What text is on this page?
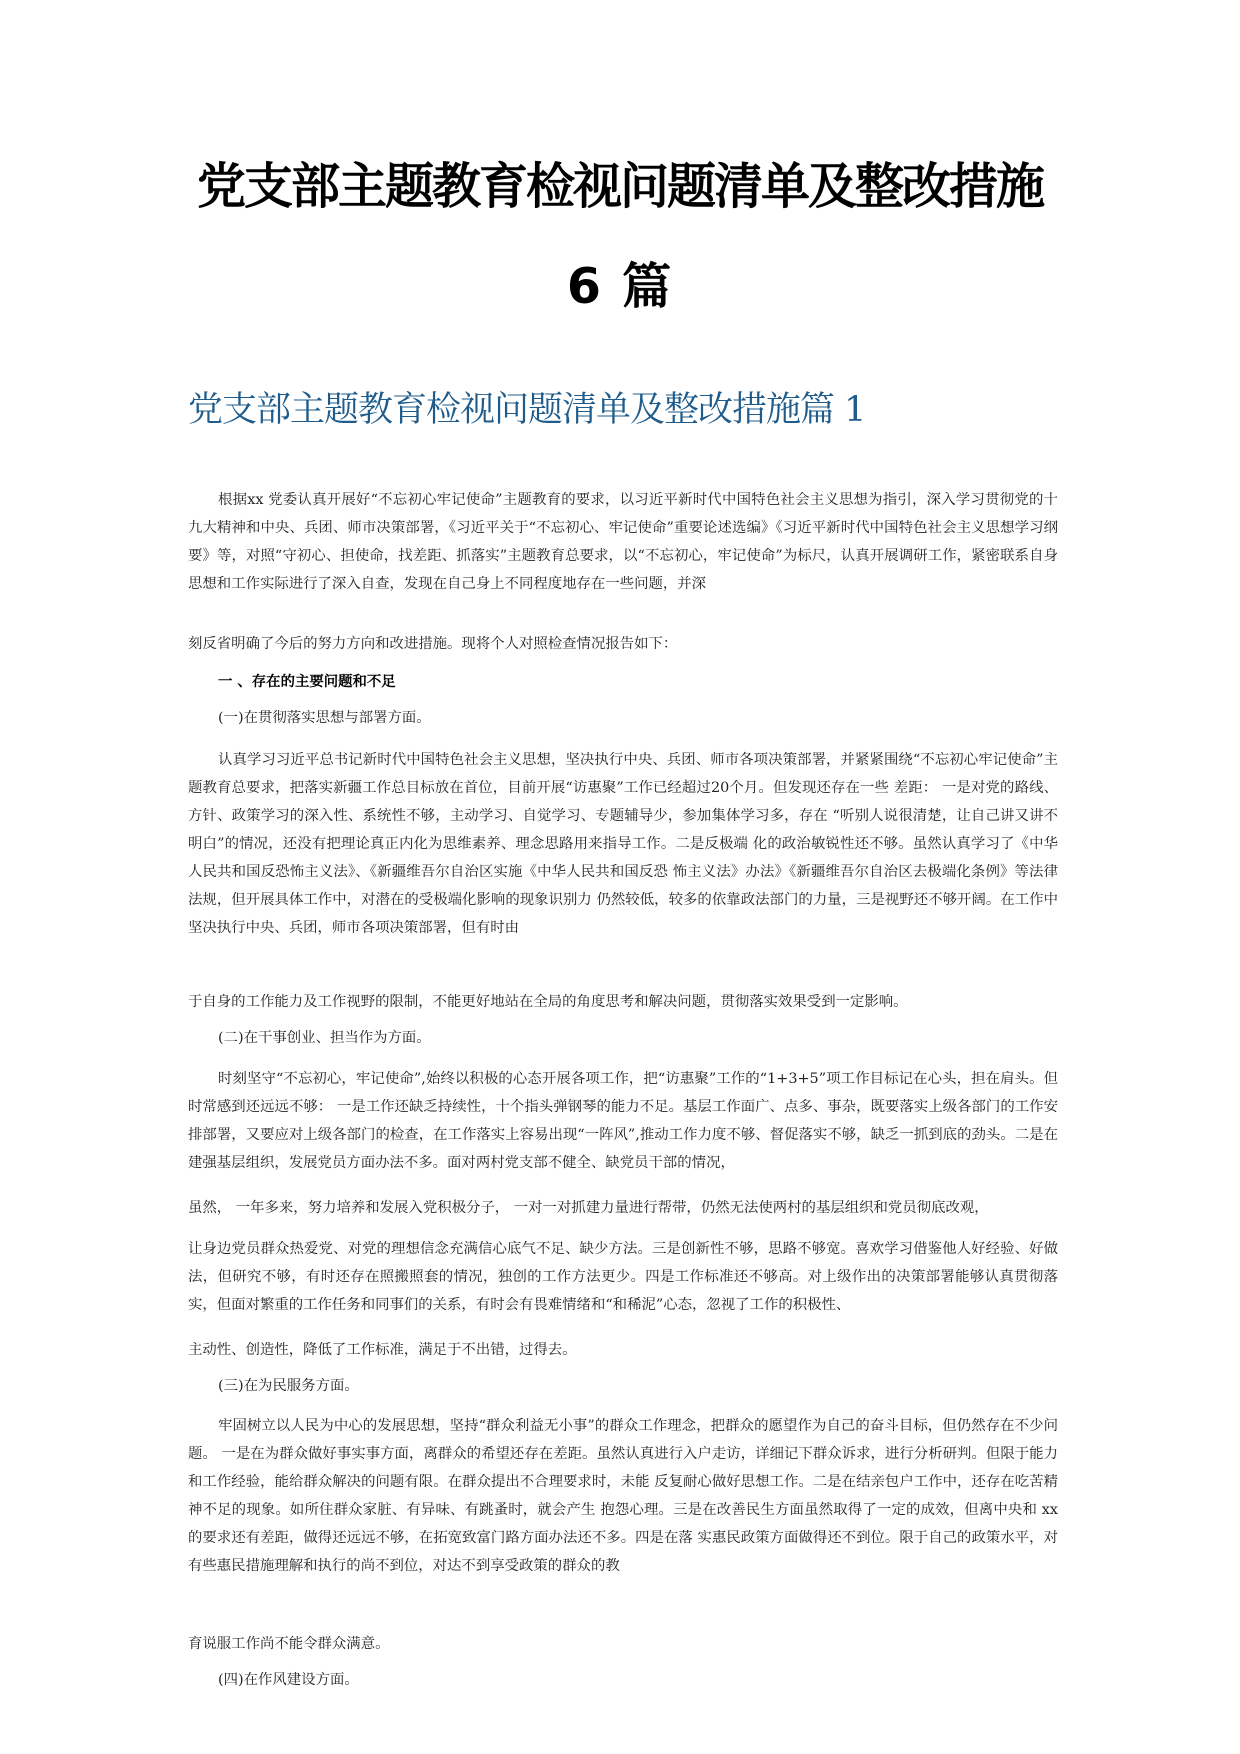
党支部主题教育检视问题清单及整改措施
6 篇
党支部主题教育检视问题清单及整改措施篇 1

根据xx 党委认真开展好“不忘初心牢记使命”主题教育的要求，以习近平新时代中国特色社会主义思想为指引，深入学习贯彻党的十九大精神和中央、兵团、师市决策部署，《习近平关于“不忘初心、牢记使命”重要论述选编》《习近平新时代中国特色社会主义思想学习纲要》等，对照“守初心、担使命，找差距、抓落实”主题教育总要求，以“不忘初心，牢记使命”为标尺，认真开展调研工作，紧密联系自身思想和工作实际进行了深入自查，发现在自己身上不同程度地存在一些问题，并深

刻反省明确了今后的努力方向和改进措施。现将个人对照检查情况报告如下：

一 、存在的主要问题和不足

(一)在贯彻落实思想与部署方面。

认真学习习近平总书记新时代中国特色社会主义思想，坚决执行中央、兵团、师市各项决策部署，并紧紧围绕“不忘初心牢记使命”主题教育总要求，把落实新疆工作总目标放在首位，目前开展“访惠聚”工作已经超过20个月。但发现还存在一些 差距： 一是对党的路线、方针、政策学习的深入性、系统性不够，主动学习、自觉学习、专题辅导少，参加集体学习多，存在 “听别人说很清楚，让自己讲又讲不明白”的情况，还没有把理论真正内化为思维素养、理念思路用来指导工作。二是反极端 化的政治敏锐性还不够。虽然认真学习了《中华人民共和国反恐怖主义法》、《新疆维吾尔自治区实施《中华人民共和国反恐 怖主义法》办法》《新疆维吾尔自治区去极端化条例》等法律法规，但开展具体工作中，对潜在的受极端化影响的现象识别力 仍然较低，较多的依靠政法部门的力量，三是视野还不够开阔。在工作中坚决执行中央、兵团，师市各项决策部署，但有时由

于自身的工作能力及工作视野的限制，不能更好地站在全局的角度思考和解决问题，贯彻落实效果受到一定影响。

(二)在干事创业、担当作为方面。

时刻坚守“不忘初心，牢记使命”,始终以积极的心态开展各项工作，把“访惠聚”工作的“1+3+5”项工作目标记在心头，担在肩头。但时常感到还远远不够： 一是工作还缺乏持续性，十个指头弹钢琴的能力不足。基层工作面广、点多、事杂，既要落实上级各部门的工作安排部署，又要应对上级各部门的检查，在工作落实上容易出现“一阵风”,推动工作力度不够、督促落实不够，缺乏一抓到底的劲头。二是在建强基层组织，发展党员方面办法不多。面对两村党支部不健全、缺党员干部的情况，

虽然， 一年多来，努力培养和发展入党积极分子， 一对一对抓建力量进行帮带，仍然无法使两村的基层组织和党员彻底改观，

让身边党员群众热爱党、对党的理想信念充满信心底气不足、缺少方法。三是创新性不够，思路不够宽。喜欢学习借鉴他人好经验、好做法，但研究不够，有时还存在照搬照套的情况，独创的工作方法更少。四是工作标准还不够高。对上级作出的决策部署能够认真贯彻落实，但面对繁重的工作任务和同事们的关系，有时会有畏难情绪和“和稀泥”心态，忽视了工作的积极性、

主动性、创造性，降低了工作标准，满足于不出错，过得去。

(三)在为民服务方面。

牢固树立以人民为中心的发展思想，坚持“群众利益无小事”的群众工作理念，把群众的愿望作为自己的奋斗目标，但仍然存在不少问题。 一是在为群众做好事实事方面，离群众的希望还存在差距。虽然认真进行入户走访，详细记下群众诉求，进行分析研判。但限于能力和工作经验，能给群众解决的问题有限。在群众提出不合理要求时，未能 反复耐心做好思想工作。二是在结亲包户工作中，还存在吃苦精神不足的现象。如所住群众家脏、有异味、有跳蚤时，就会产生 抱怨心理。三是在改善民生方面虽然取得了一定的成效，但离中央和 xx 的要求还有差距，做得还远远不够，在拓宽致富门路方面办法还不多。四是在落 实惠民政策方面做得还不到位。限于自己的政策水平，对有些惠民措施理解和执行的尚不到位，对达不到享受政策的群众的教

育说服工作尚不能令群众满意。

(四)在作风建设方面。
